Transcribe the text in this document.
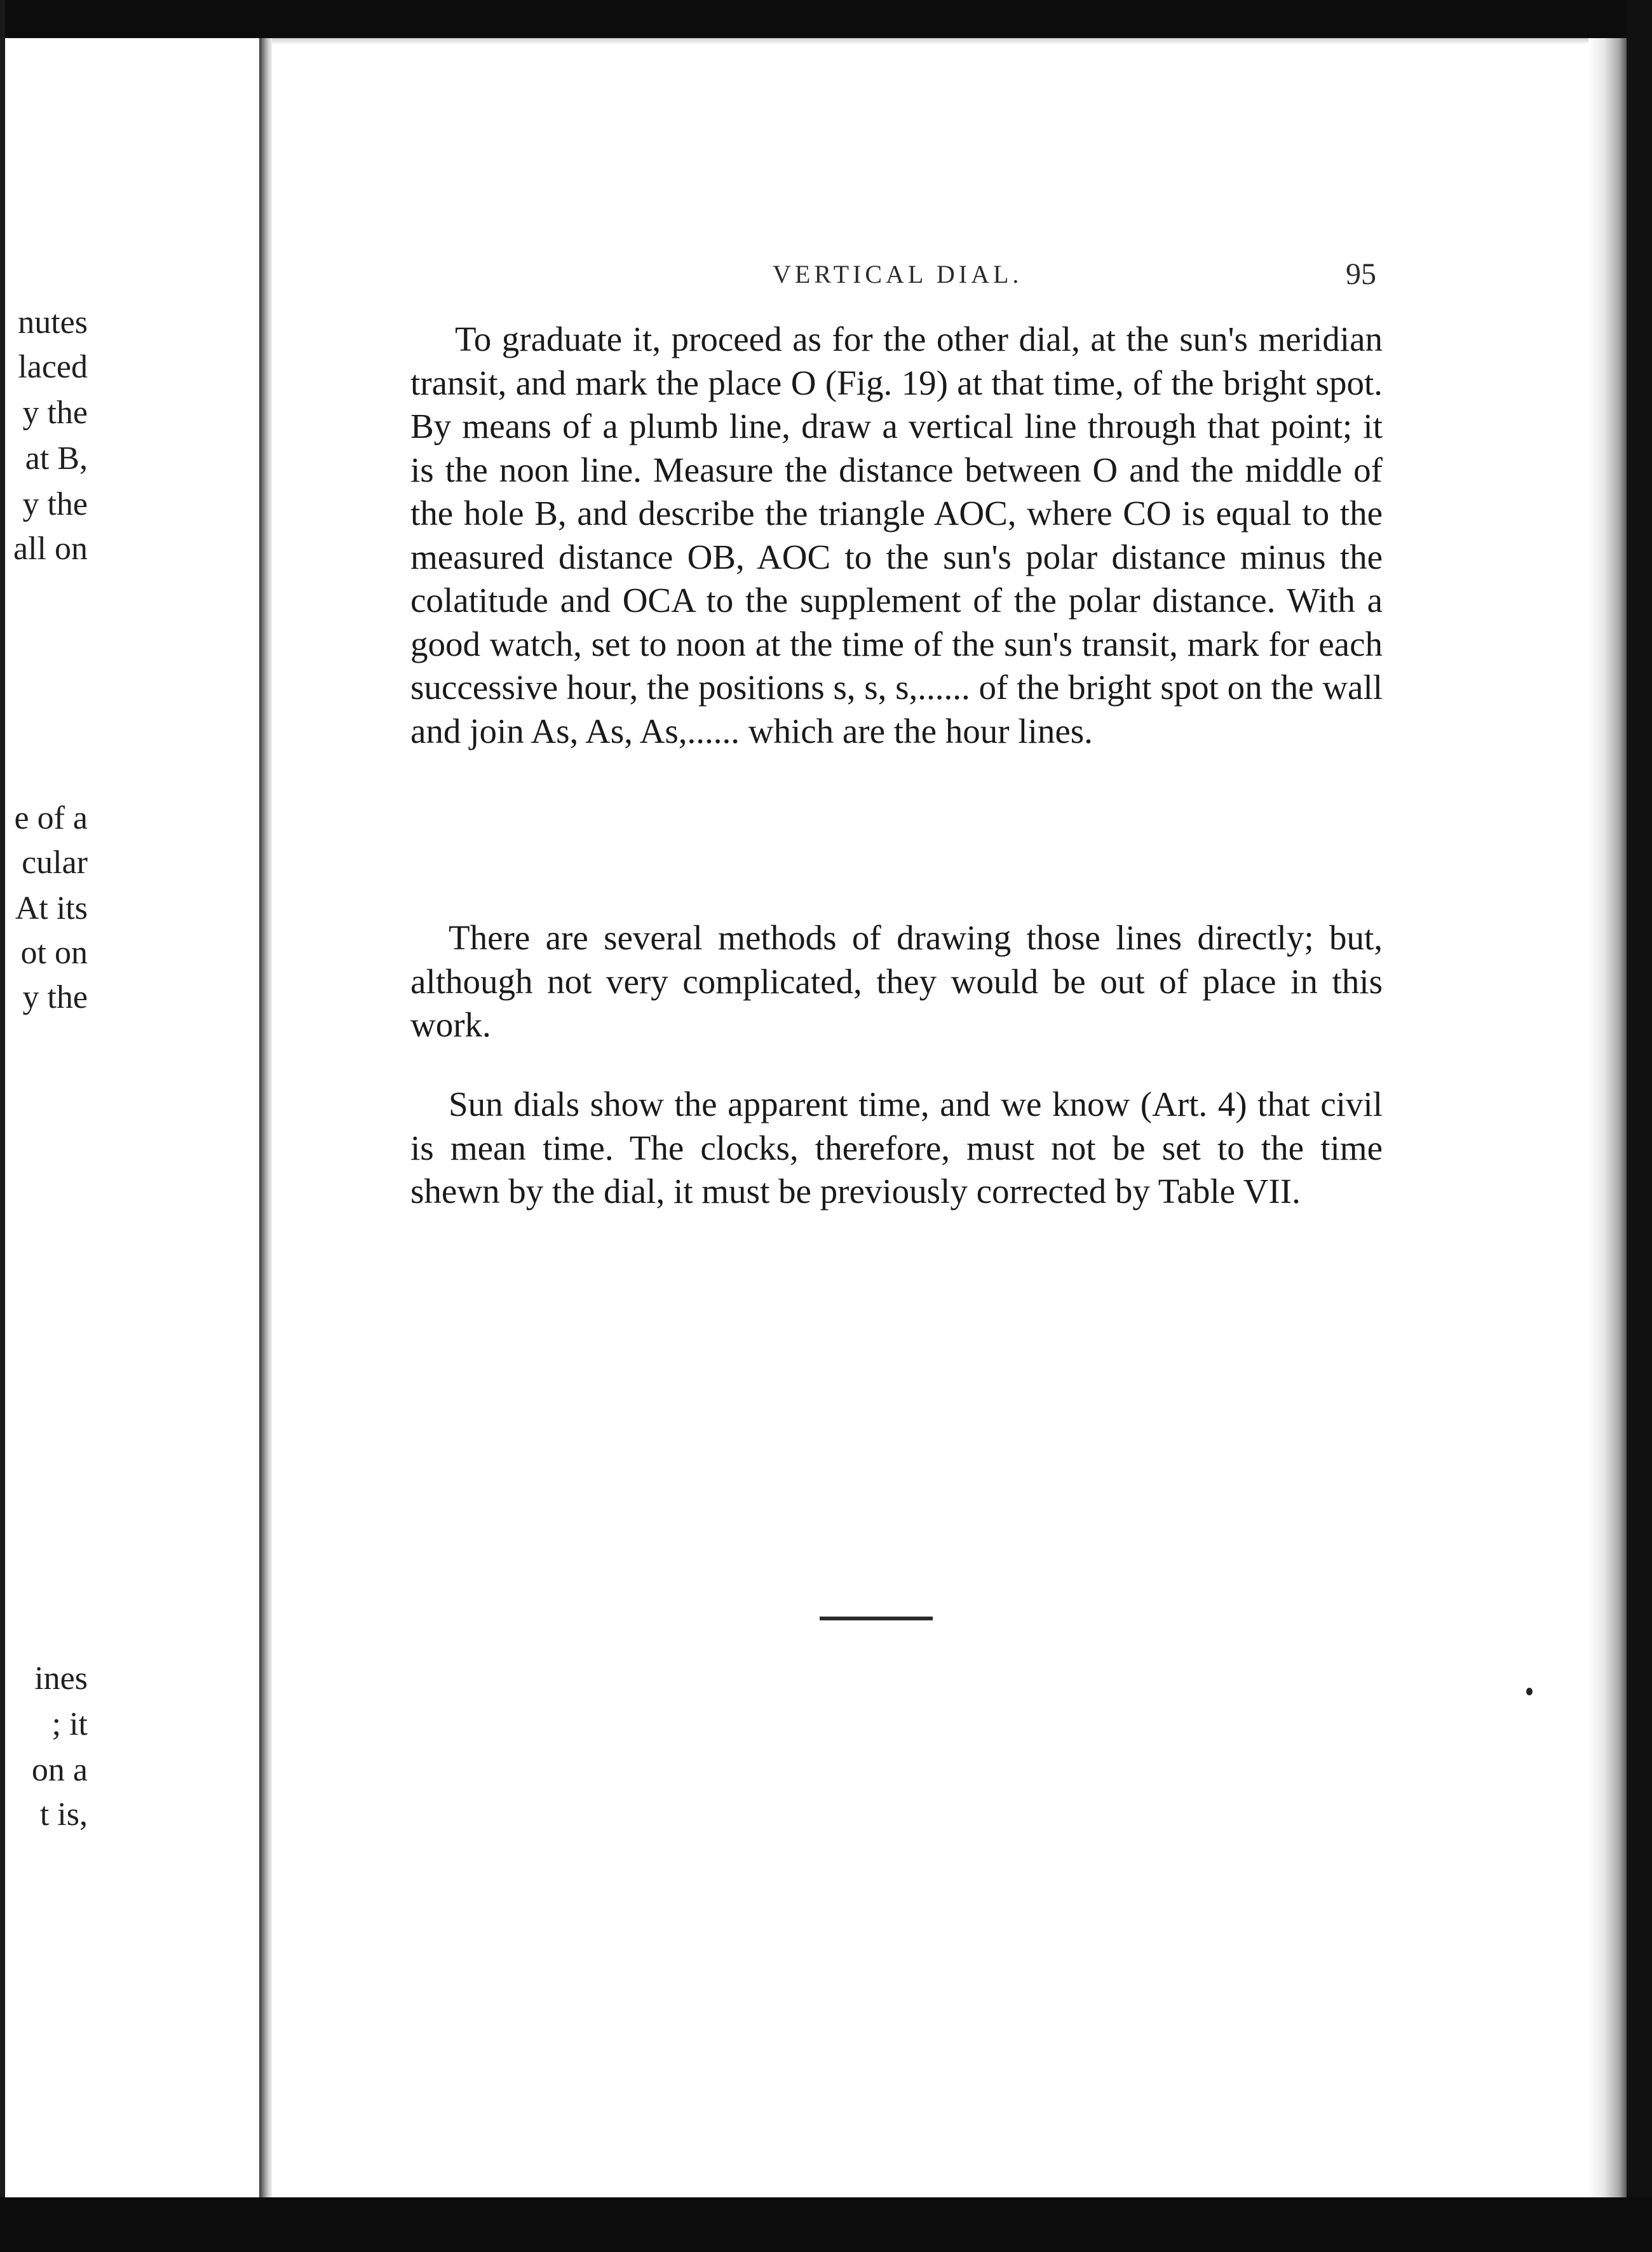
nutes
laced
y the
at B,
y the
all on
e of a
cular
At its
ot on
y the
ines
; it
on a
t is,
VERTICAL DIAL.	95
To graduate it, proceed as for the other dial, at the sun's meridian transit, and mark the place O (Fig. 19) at that time, of the bright spot. By means of a plumb line, draw a vertical line through that point; it is the noon line. Measure the distance between O and the middle of the hole B, and describe the triangle AOC, where CO is equal to the measured distance OB, AOC to the sun's polar distance minus the colatitude and OCA to the supplement of the polar distance. With a good watch, set to noon at the time of the sun's transit, mark for each successive hour, the positions s, s, s,...... of the bright spot on the wall and join As, As, As,...... which are the hour lines.
There are several methods of drawing those lines directly; but, although not very complicated, they would be out of place in this work.
Sun dials show the apparent time, and we know (Art. 4) that civil is mean time. The clocks, therefore, must not be set to the time shewn by the dial, it must be previously corrected by Table VII.
